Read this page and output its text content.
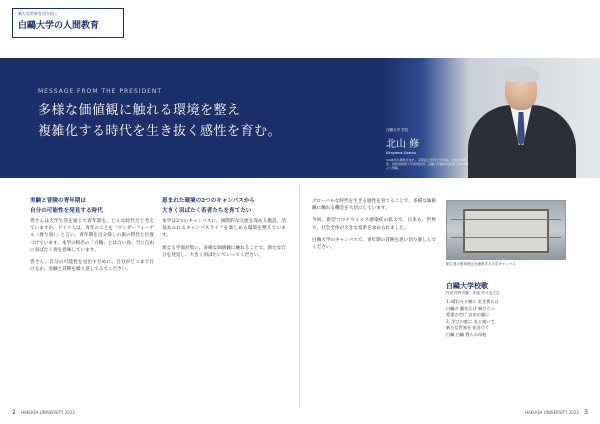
新たな世界を切り拓く
白鷗大学の人間教育
MESSAGE FROM THE PRESIDENT
多様な価値観に触れる環境を整え
複雑化する時代を生き抜く感性を育む。	白鷗大学 学長
北山 修
Kitayama Osamu
1946年兵庫県生まれ。京都府立医科大学卒業。九州大学教授、国際基督教大学客員教授、白鷗大学副学長を経て2018年より現職。
実験と冒険の青年期は
自分の可能性を発見する時代

皆さんは大学生活を通じて青年期を、どんな時代だと考えていますか。ドイツ人は、青年のことを「ワンダーフォーゲル（渡り鳥）」と言い、青年期を自分探しの旅の時代と位置づけています。本学の校名の「白鷗」とは白い鳥、空に自由に羽ばたく鳥を意味しています。

皆さん、自分の可能性を見出すために、自分がどこまで行けるか、実験と冒険を繰り返してみてください。

恵まれた環境の2つのキャンパスから
大きく羽ばたく若者たちを育てたい

本学は2つのキャンパスに、国際的な交流を深める施設、活気あふれるキャンパスライフを楽しめる環境を整えています。

異なる学部が集い、多様な価値観に触れることで、新たな自分を発見し、大きく羽ばたいていってください。

グローバルな時代を生きる感性を育てることで、多様な価値観に触れる機会を大切にしています。

今回、新型コロナウイルス感染症の拡大で、日本も、世界も、社会全体が大きな変革を求められました。

白鷗大学のキャンパスで、青年期の冒険を思い切り楽しんでください。

創立者の教育理念を継承する大学キャンパス
白鷗大学校歌
作詞 村野 四郎　作曲 芥川 也寸志
1. 晴れたる朝に 若き我らは
白鷗の 翼を広げ 飛び立つ
希望の空に 自由の風に
2. 学びの庭に 友と集いて
新たな世界を 拓き行く
白鷗 白鷗 我らの母校
2 HAKUOH UNIVERSITY 2022	HAKUOH UNIVERSITY 2022 3
